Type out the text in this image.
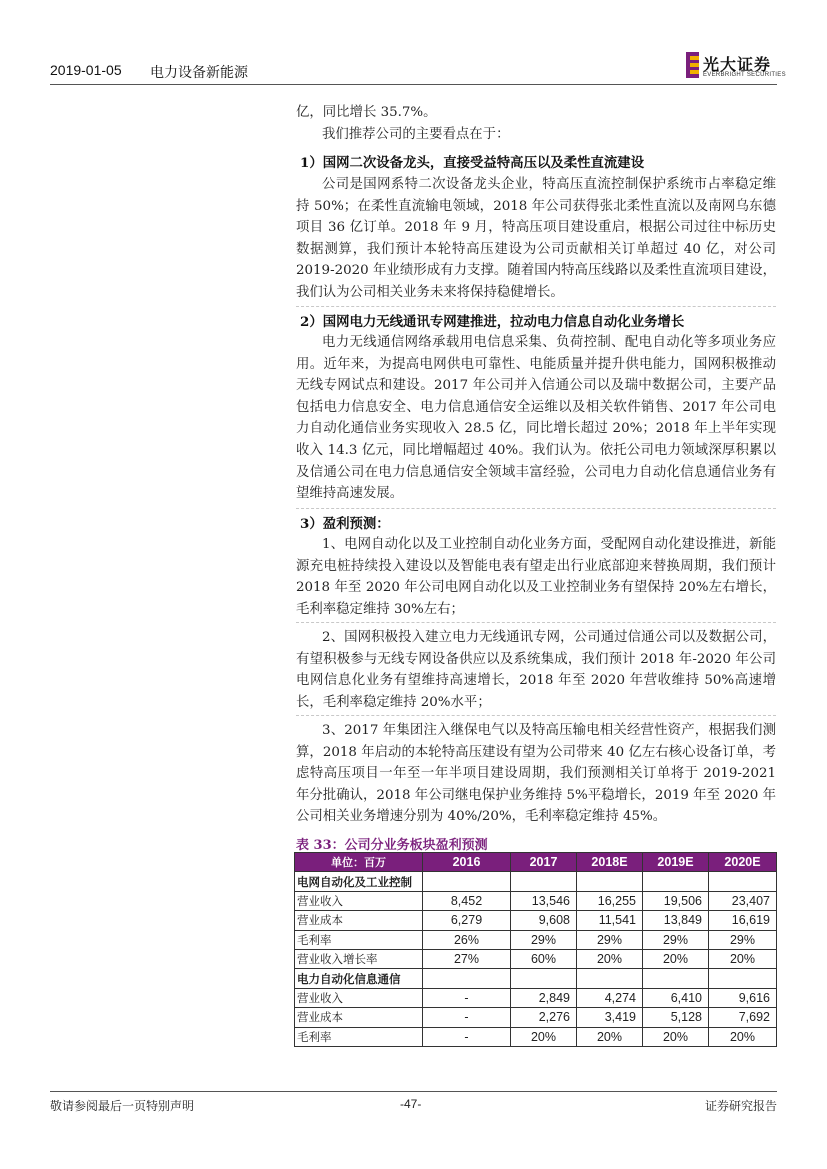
2019-01-05 电力设备新能源	光大证券
EVERBRIGHT SECURITIES

亿，同比增长 35.7%。

我们推荐公司的主要看点在于：

1）国网二次设备龙头，直接受益特高压以及柔性直流建设

公司是国网系特二次设备龙头企业，特高压直流控制保护系统市占率稳定维持 50%；在柔性直流输电领域，2018 年公司获得张北柔性直流以及南网乌东德项目 36 亿订单。2018 年 9 月，特高压项目建设重启，根据公司过往中标历史数据测算，我们预计本轮特高压建设为公司贡献相关订单超过 40 亿，对公司 2019-2020 年业绩形成有力支撑。随着国内特高压线路以及柔性直流项目建设，我们认为公司相关业务未来将保持稳健增长。

2）国网电力无线通讯专网建推进，拉动电力信息自动化业务增长

电力无线通信网络承载用电信息采集、负荷控制、配电自动化等多项业务应用。近年来，为提高电网供电可靠性、电能质量并提升供电能力，国网积极推动无线专网试点和建设。2017 年公司并入信通公司以及瑞中数据公司，主要产品包括电力信息安全、电力信息通信安全运维以及相关软件销售、2017 年公司电力自动化通信业务实现收入 28.5 亿，同比增长超过 20%；2018 年上半年实现收入 14.3 亿元，同比增幅超过 40%。我们认为。依托公司电力领域深厚积累以及信通公司在电力信息通信安全领域丰富经验，公司电力自动化信息通信业务有望维持高速发展。

3）盈利预测：

1、电网自动化以及工业控制自动化业务方面，受配网自动化建设推进，新能源充电桩持续投入建设以及智能电表有望走出行业底部迎来替换周期，我们预计 2018 年至 2020 年公司电网自动化以及工业控制业务有望保持 20%左右增长，毛利率稳定维持 30%左右；

2、国网积极投入建立电力无线通讯专网，公司通过信通公司以及数据公司，有望积极参与无线专网设备供应以及系统集成，我们预计 2018 年-2020 年公司电网信息化业务有望维持高速增长，2018 年至 2020 年营收维持 50%高速增长，毛利率稳定维持 20%水平；

3、2017 年集团注入继保电气以及特高压输电相关经营性资产，根据我们测算，2018 年启动的本轮特高压建设有望为公司带来 40 亿左右核心设备订单，考虑特高压项目一年至一年半项目建设周期，我们预测相关订单将于 2019-2021 年分批确认，2018 年公司继电保护业务维持 5%平稳增长，2019 年至 2020 年公司相关业务增速分别为 40%/20%，毛利率稳定维持 45%。

表 33：公司分业务板块盈利预测
单位：百万	2016	2017	2018E	2019E	2020E
电网自动化及工业控制					
营业收入	8,452	13,546	16,255	19,506	23,407
营业成本	6,279	9,608	11,541	13,849	16,619
毛利率	26%	29%	29%	29%	29%
营业收入增长率	27%	60%	20%	20%	20%
电力自动化信息通信					
营业收入	-	2,849	4,274	6,410	9,616
营业成本	-	2,276	3,419	5,128	7,692
毛利率	-	20%	20%	20%	20%
敬请参阅最后一页特别声明	-47-	证券研究报告
